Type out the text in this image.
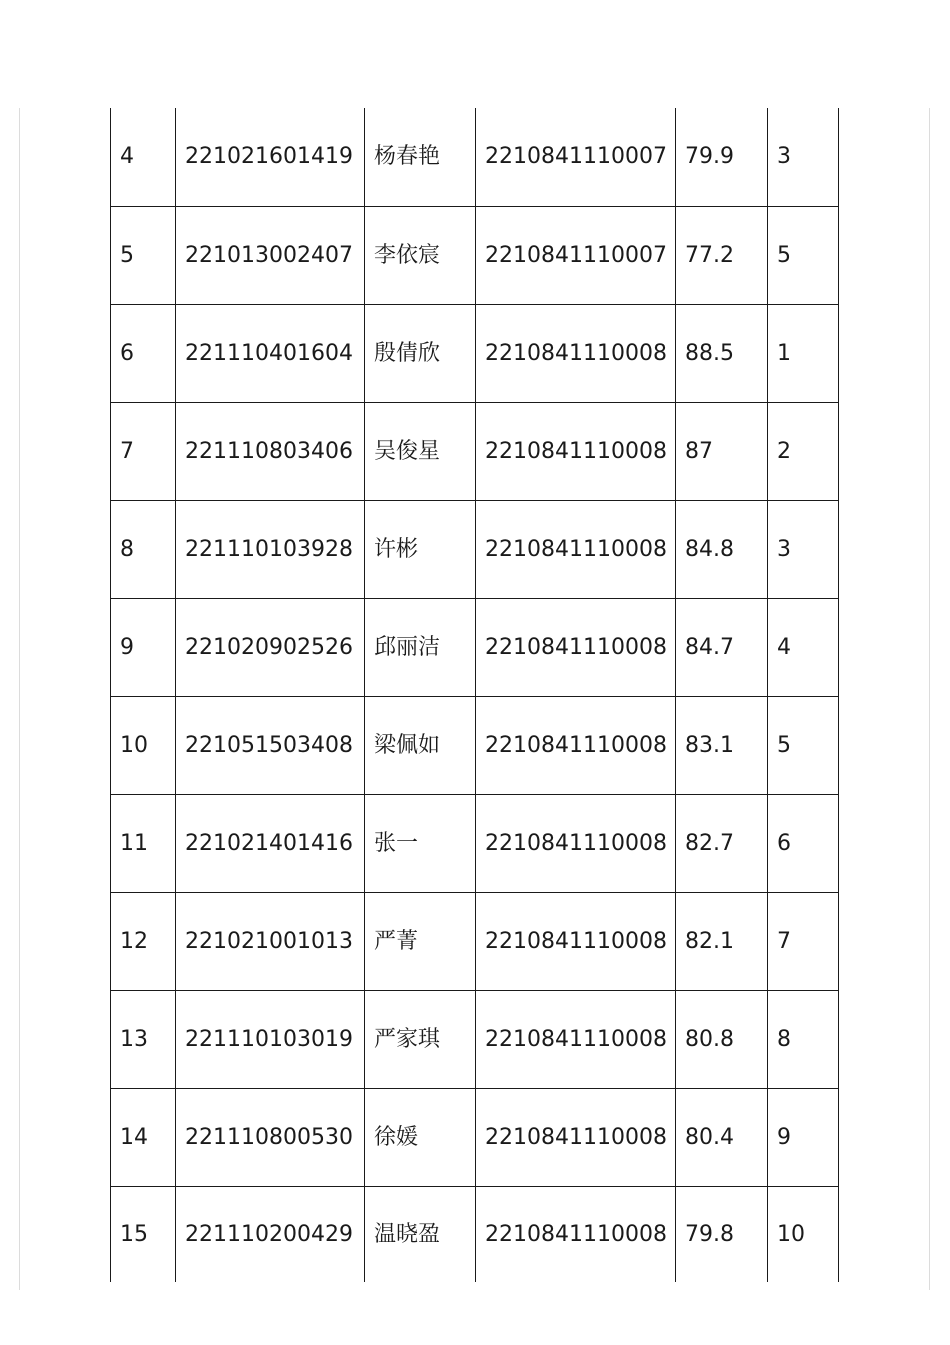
4	221021601419	杨春艳	2210841110007	79.9	3
5	221013002407	李依宸	2210841110007	77.2	5
6	221110401604	殷倩欣	2210841110008	88.5	1
7	221110803406	吴俊星	2210841110008	87	2
8	221110103928	许彬	2210841110008	84.8	3
9	221020902526	邱丽洁	2210841110008	84.7	4
10	221051503408	梁佩如	2210841110008	83.1	5
11	221021401416	张一	2210841110008	82.7	6
12	221021001013	严菁	2210841110008	82.1	7
13	221110103019	严家琪	2210841110008	80.8	8
14	221110800530	徐媛	2210841110008	80.4	9
15	221110200429	温晓盈	2210841110008	79.8	10
